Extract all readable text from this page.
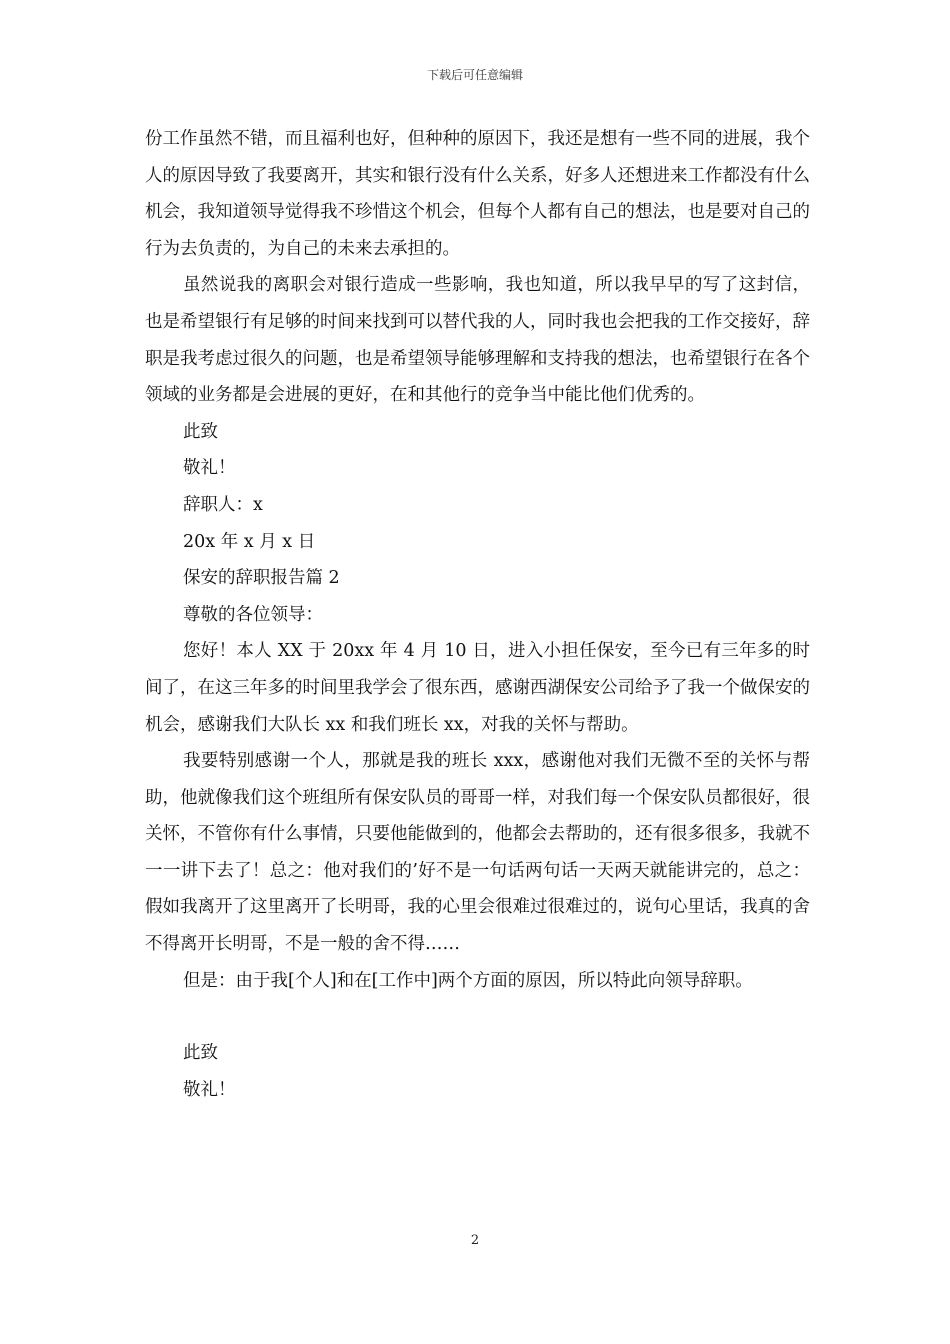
下载后可任意编辑

份工作虽然不错，而且福利也好，但种种的原因下，我还是想有一些不同的进展，我个人的原因导致了我要离开，其实和银行没有什么关系，好多人还想进来工作都没有什么机会，我知道领导觉得我不珍惜这个机会，但每个人都有自己的想法，也是要对自己的行为去负责的，为自己的未来去承担的。

虽然说我的离职会对银行造成一些影响，我也知道，所以我早早的写了这封信，也是希望银行有足够的时间来找到可以替代我的人，同时我也会把我的工作交接好，辞职是我考虑过很久的问题，也是希望领导能够理解和支持我的想法，也希望银行在各个领域的业务都是会进展的更好，在和其他行的竞争当中能比他们优秀的。

此致

敬礼！

辞职人：x

20x 年 x 月 x 日

保安的辞职报告篇 2

尊敬的各位领导：

您好！本人 XX 于 20xx 年 4 月 10 日，进入小担任保安，至今已有三年多的时间了，在这三年多的时间里我学会了很东西，感谢西湖保安公司给予了我一个做保安的机会，感谢我们大队长 xx 和我们班长 xx，对我的关怀与帮助。

我要特别感谢一个人，那就是我的班长 xxx，感谢他对我们无微不至的关怀与帮助，他就像我们这个班组所有保安队员的哥哥一样，对我们每一个保安队员都很好，很关怀，不管你有什么事情，只要他能做到的，他都会去帮助的，还有很多很多，我就不一一讲下去了！总之：他对我们的’好不是一句话两句话一天两天就能讲完的，总之：假如我离开了这里离开了长明哥，我的心里会很难过很难过的，说句心里话，我真的舍不得离开长明哥，不是一般的舍不得……

但是：由于我[个人]和在[工作中]两个方面的原因，所以特此向领导辞职。

此致

敬礼！

2
